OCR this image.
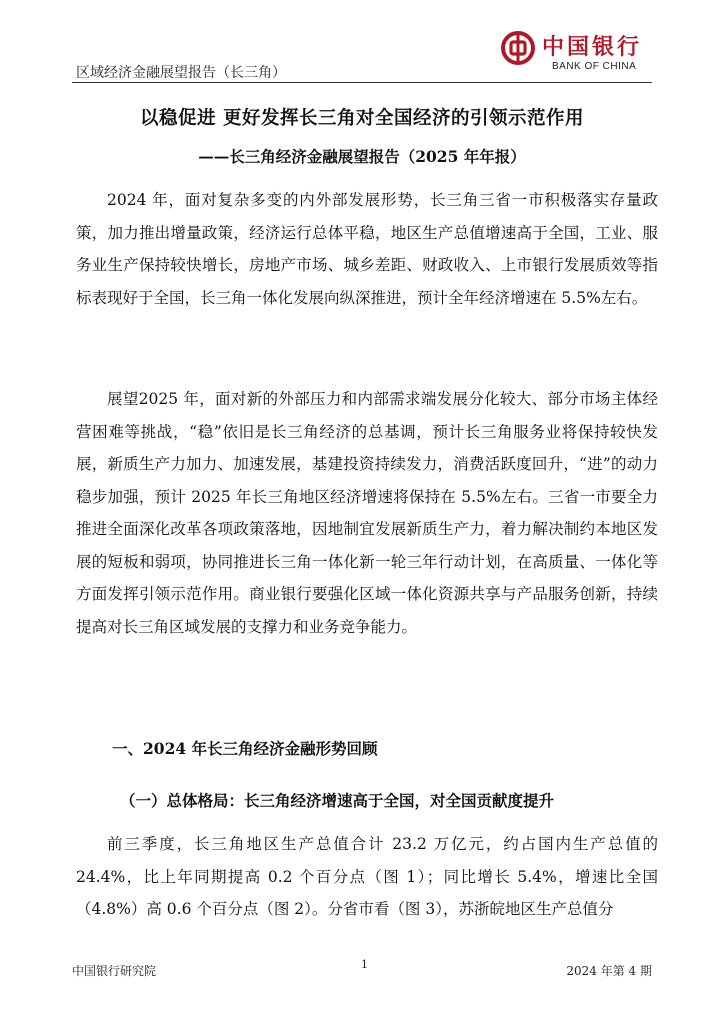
区域经济金融展望报告（长三角）
中国银行
BANK OF CHINA
以稳促进 更好发挥长三角对全国经济的引领示范作用
——长三角经济金融展望报告（2025 年年报）

2024 年，面对复杂多变的内外部发展形势，长三角三省一市积极落实存量政策，加力推出增量政策，经济运行总体平稳，地区生产总值增速高于全国，工业、服务业生产保持较快增长，房地产市场、城乡差距、财政收入、上市银行发展质效等指标表现好于全国，长三角一体化发展向纵深推进，预计全年经济增速在 5.5%左右。

展望2025 年，面对新的外部压力和内部需求端发展分化较大、部分市场主体经营困难等挑战，“稳”依旧是长三角经济的总基调，预计长三角服务业将保持较快发展，新质生产力加力、加速发展，基建投资持续发力，消费活跃度回升，“进”的动力稳步加强，预计 2025 年长三角地区经济增速将保持在 5.5%左右。三省一市要全力推进全面深化改革各项政策落地，因地制宜发展新质生产力，着力解决制约本地区发展的短板和弱项，协同推进长三角一体化新一轮三年行动计划，在高质量、一体化等方面发挥引领示范作用。商业银行要强化区域一体化资源共享与产品服务创新，持续提高对长三角区域发展的支撑力和业务竞争能力。

一、2024 年长三角经济金融形势回顾
（一）总体格局：长三角经济增速高于全国，对全国贡献度提升

前三季度，长三角地区生产总值合计 23.2 万亿元，约占国内生产总值的24.4%，比上年同期提高 0.2 个百分点（图 1）；同比增长 5.4%，增速比全国（4.8%）高 0.6 个百分点（图 2）。分省市看（图 3），苏浙皖地区生产总值分

中国银行研究院	1	2024 年第 4 期
